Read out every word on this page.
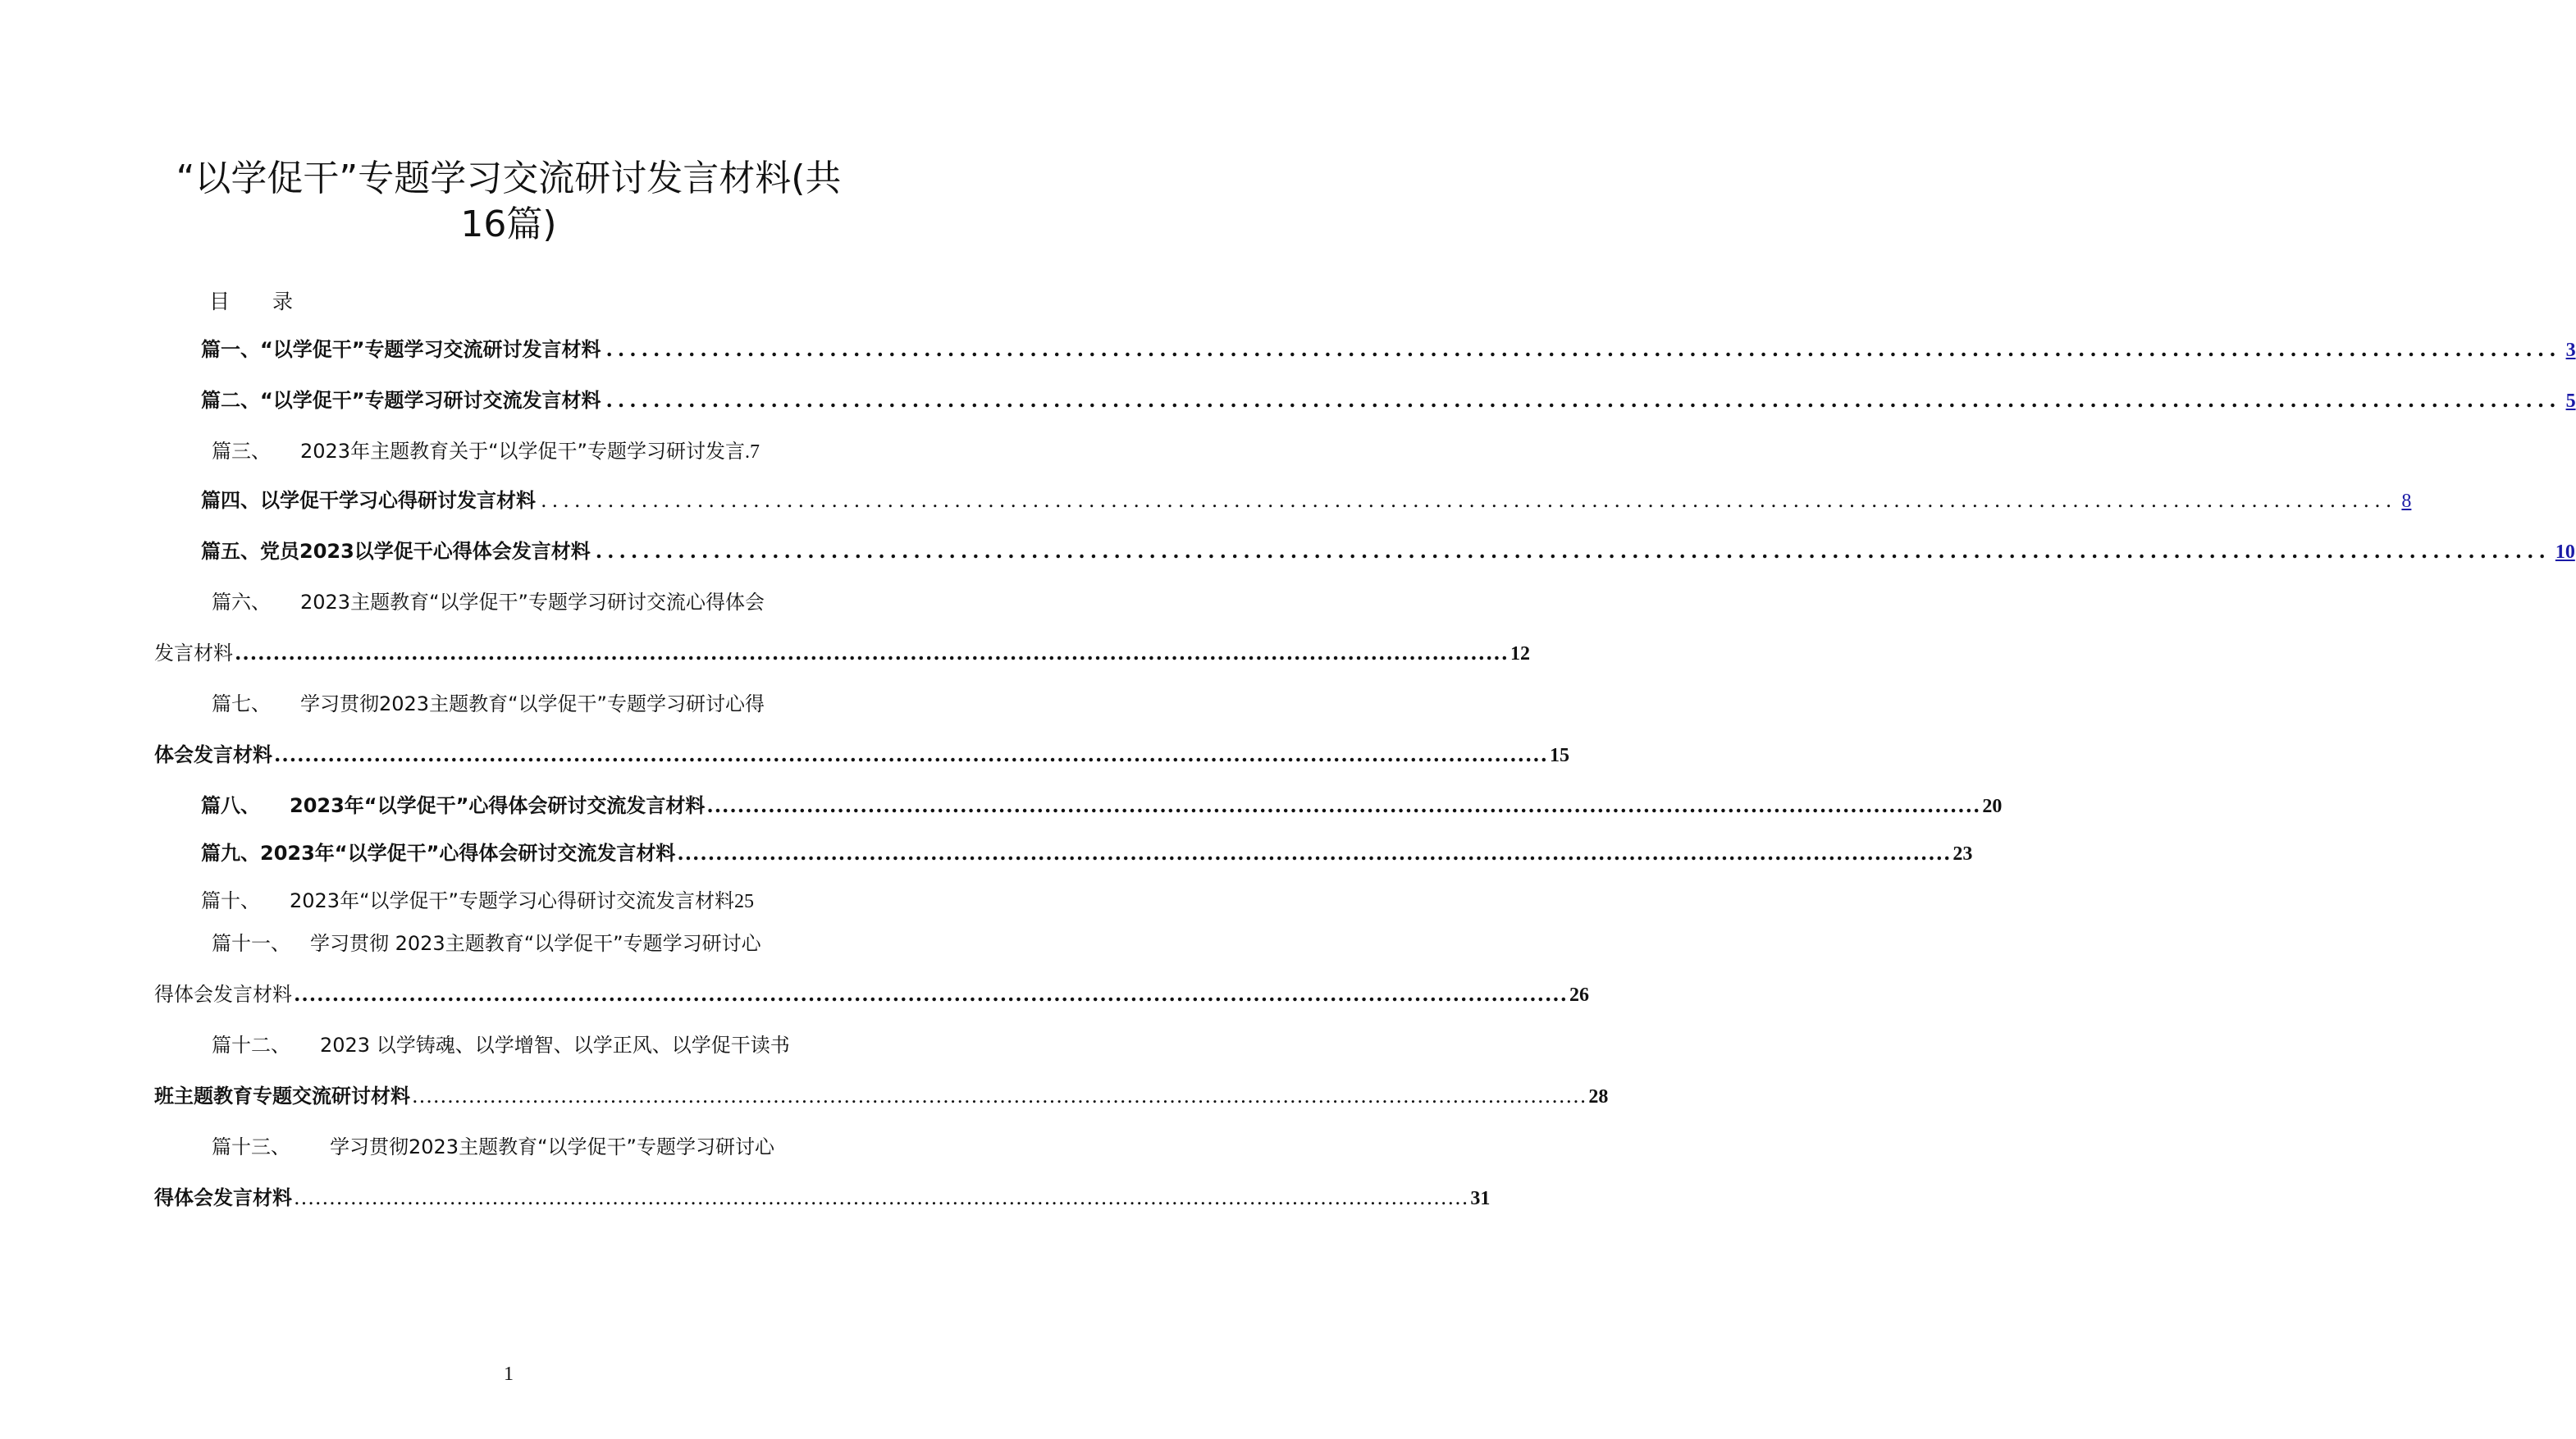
“以学促干”专题学习交流研讨发言材料(共
16篇)
目 录
篇一、 “以学促干”专题学习交流研讨发言材料 ...................................................................................................................................................................... 3
篇二、 “以学促干”专题学习研讨交流发言材料 ...................................................................................................................................................................... 5
篇三、 2023年主题教育关于“以学促干”专题学习研讨发言.7
篇四、 以学促干学习心得研讨发言材料 ...................................................................................................................................................................... 8
篇五、 党员2023以学促干心得体会发言材料 ...................................................................................................................................................................... 10
篇六、 2023主题教育“以学促干”专题学习研讨交流心得体会
发言材料 ...................................................................................................................................................................... 12
篇七、 学习贯彻2023主题教育“以学促干”专题学习研讨心得
体会发言材料 ...................................................................................................................................................................... 15
篇八、 2023年“以学促干”心得体会研讨交流发言材料 ...................................................................................................................................................................... 20
篇九、 2023年“以学促干”心得体会研讨交流发言材料 ...................................................................................................................................................................... 23
篇十、 2023年“以学促干”专题学习心得研讨交流发言材料25
篇十一、 学习贯彻 2023主题教育“以学促干”专题学习研讨心
得体会发言材料 ...................................................................................................................................................................... 26
篇十二、 2023 以学铸魂、以学增智、以学正风、以学促干读书
班主题教育专题交流研讨材料 ...................................................................................................................................................................... 28
篇十三、 学习贯彻2023主题教育“以学促干”专题学习研讨心
得体会发言材料 ...................................................................................................................................................................... 31
1
